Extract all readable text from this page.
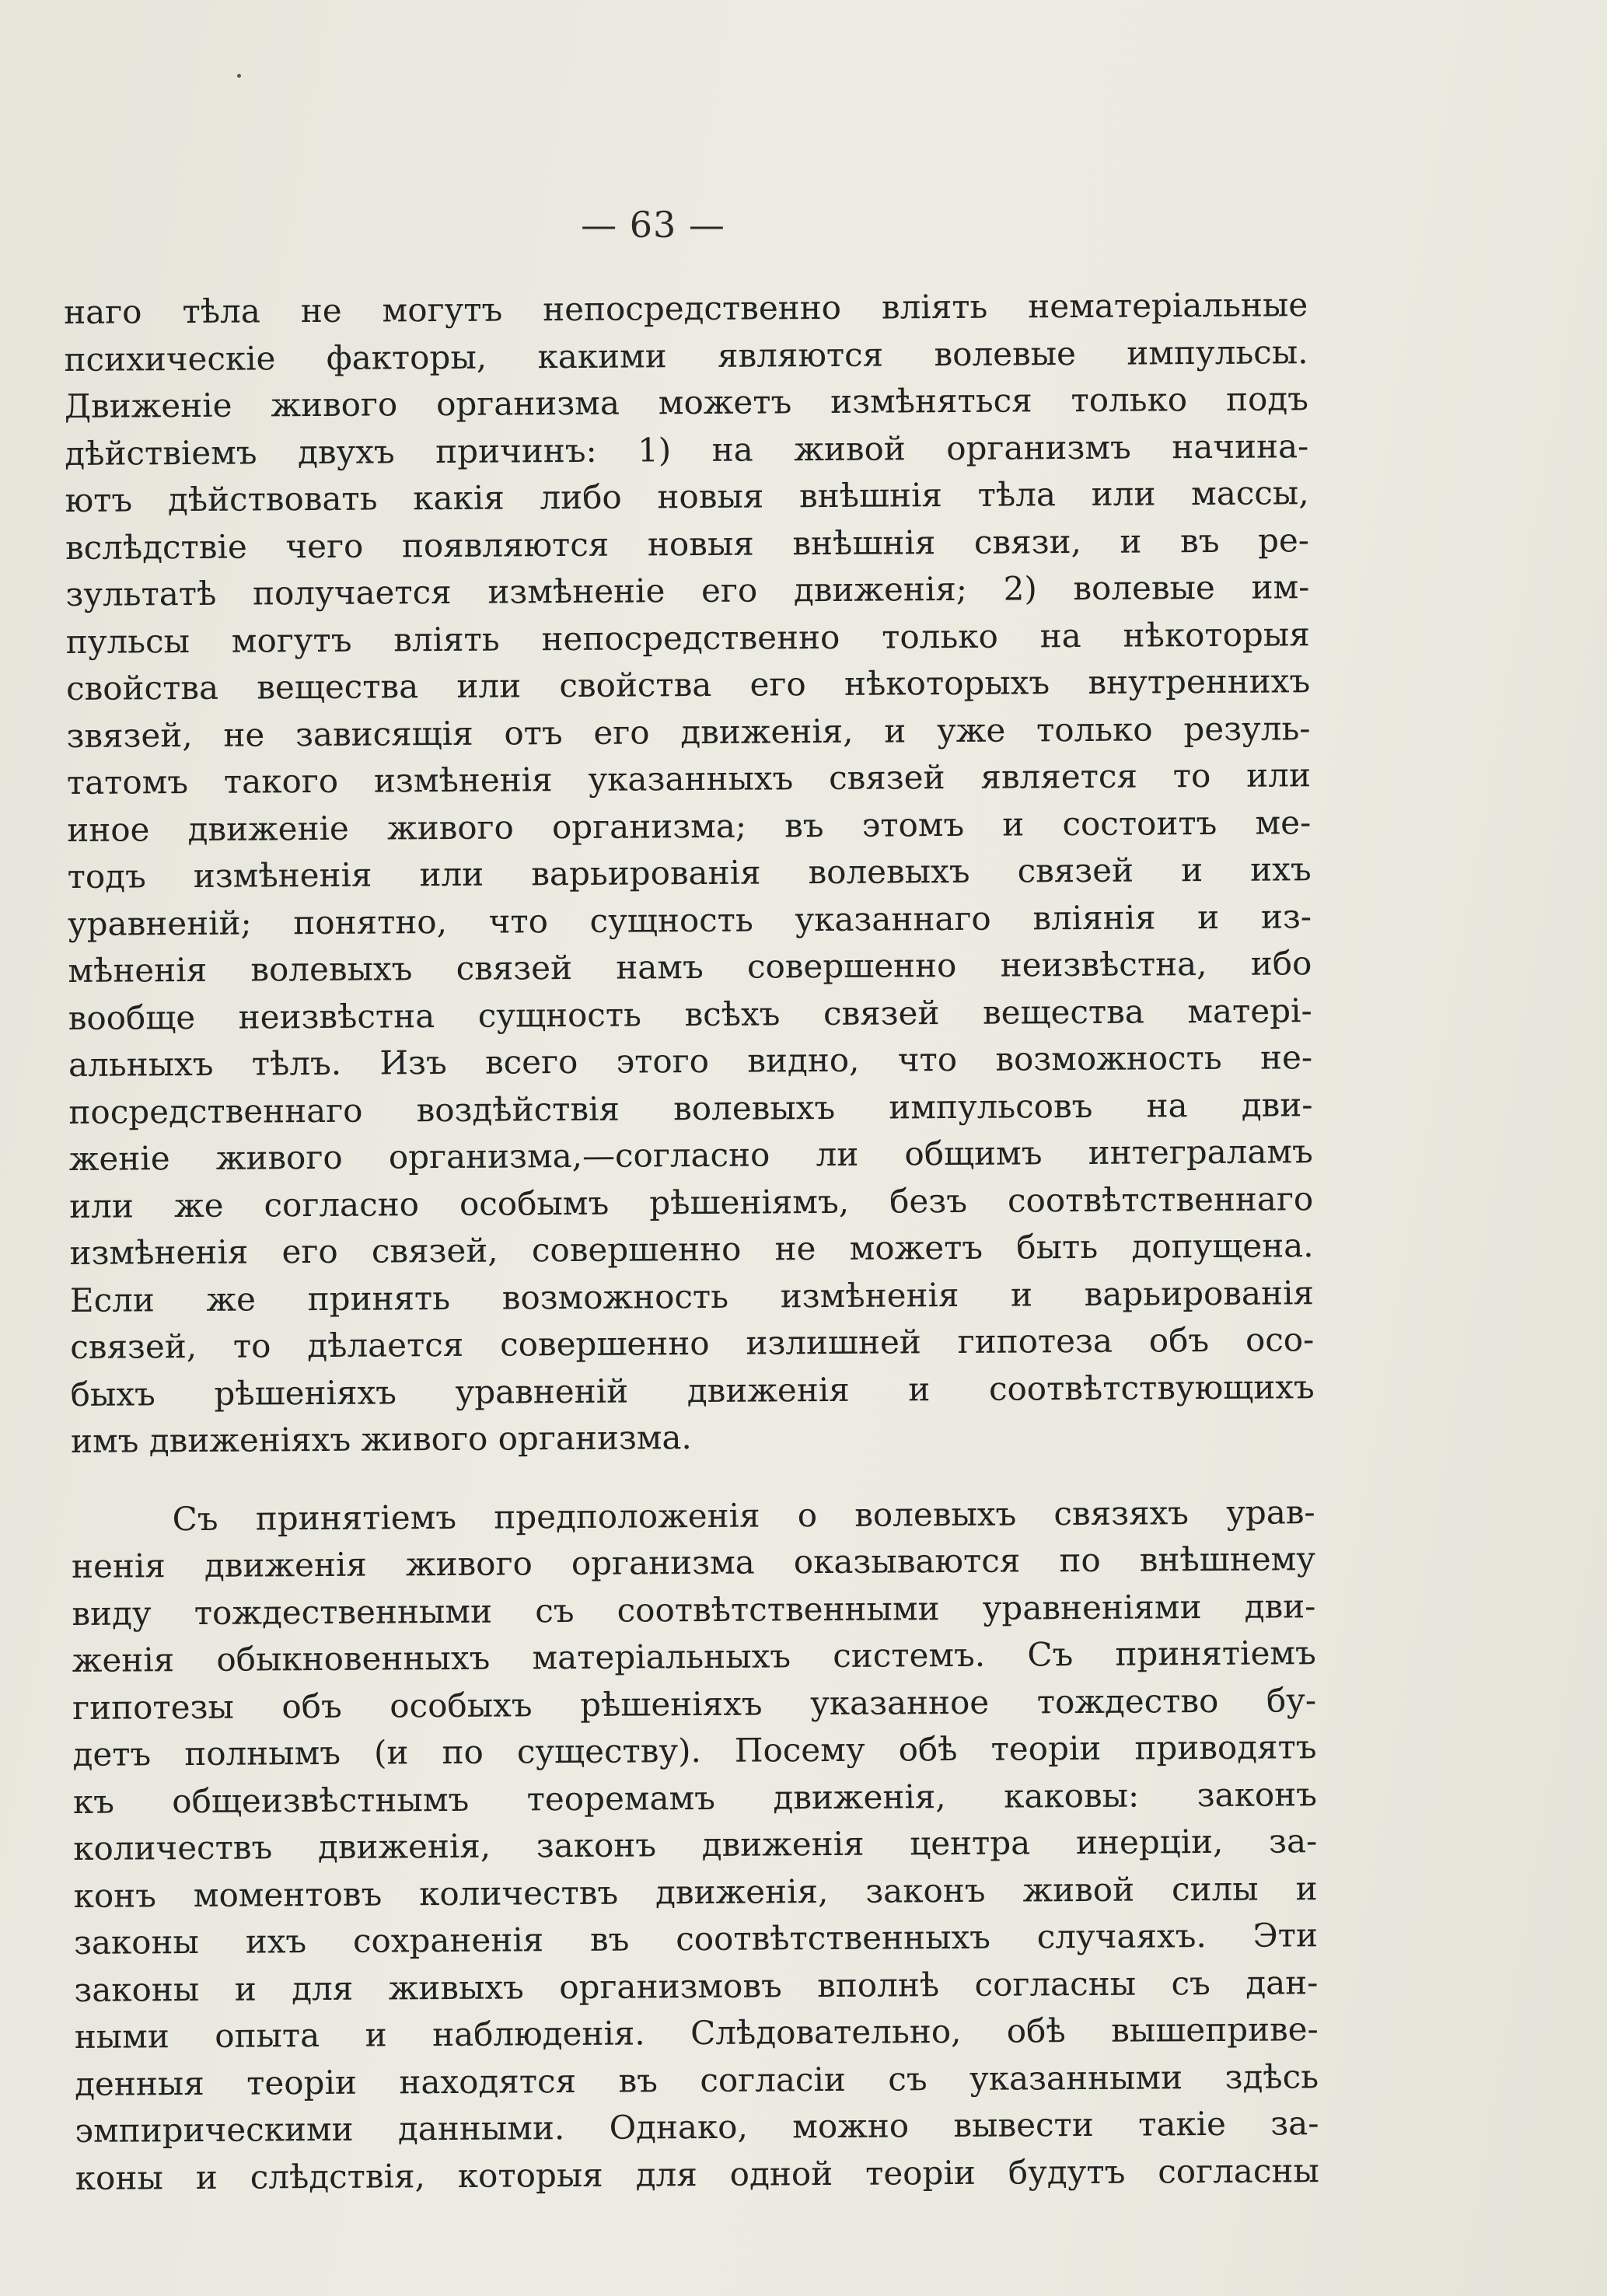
— 63 —
наго тѣла не могутъ непосредственно влiять нематерiальные
психическiе факторы, какими являются волевые импульсы.
Движенiе живого организма можетъ измѣняться только подъ
дѣйствiемъ двухъ причинъ: 1) на живой организмъ начина-
ютъ дѣйствовать какiя либо новыя внѣшнiя тѣла или массы,
вслѣдствiе чего появляются новыя внѣшнiя связи, и въ ре-
зультатѣ получается измѣненiе его движенiя; 2) волевые им-
пульсы могутъ влiять непосредственно только на нѣкоторыя
свойства вещества или свойства его нѣкоторыхъ внутреннихъ
звязей, не зависящiя отъ его движенiя, и уже только резуль-
татомъ такого измѣненiя указанныхъ связей является то или
иное движенiе живого организма; въ этомъ и состоитъ ме-
тодъ измѣненiя или варьированiя волевыхъ связей и ихъ
уравненiй; понятно, что сущность указаннаго влiянiя и из-
мѣненiя волевыхъ связей намъ совершенно неизвѣстна, ибо
вообще неизвѣстна сущность всѣхъ связей вещества матерi-
альныхъ тѣлъ. Изъ всего этого видно, что возможность не-
посредственнаго воздѣйствiя волевыхъ импульсовъ на дви-
женiе живого организма,—согласно ли общимъ интеграламъ
или же согласно особымъ рѣшенiямъ, безъ соотвѣтственнаго
измѣненiя его связей, совершенно не можетъ быть допущена.
Если же принять возможность измѣненiя и варьированiя
связей, то дѣлается совершенно излишней гипотеза объ осо-
быхъ рѣшенiяхъ уравненiй движенiя и соотвѣтствующихъ
имъ движенiяхъ живого организма.
Съ принятiемъ предположенiя о волевыхъ связяхъ урав-
ненiя движенiя живого организма оказываются по внѣшнему
виду тождественными съ соотвѣтственными уравненiями дви-
женiя обыкновенныхъ матерiальныхъ системъ. Съ принятiемъ
гипотезы объ особыхъ рѣшенiяхъ указанное тождество бу-
детъ полнымъ (и по существу). Посему обѣ теорiи приводятъ
къ общеизвѣстнымъ теоремамъ движенiя, каковы: законъ
количествъ движенiя, законъ движенiя центра инерцiи, за-
конъ моментовъ количествъ движенiя, законъ живой силы и
законы ихъ сохраненiя въ соотвѣтственныхъ случаяхъ. Эти
законы и для живыхъ организмовъ вполнѣ согласны съ дан-
ными опыта и наблюденiя. Слѣдовательно, обѣ вышеприве-
денныя теорiи находятся въ согласiи съ указанными здѣсь
эмпирическими данными. Однако, можно вывести такiе за-
коны и слѣдствiя, которыя для одной теорiи будутъ согласны
